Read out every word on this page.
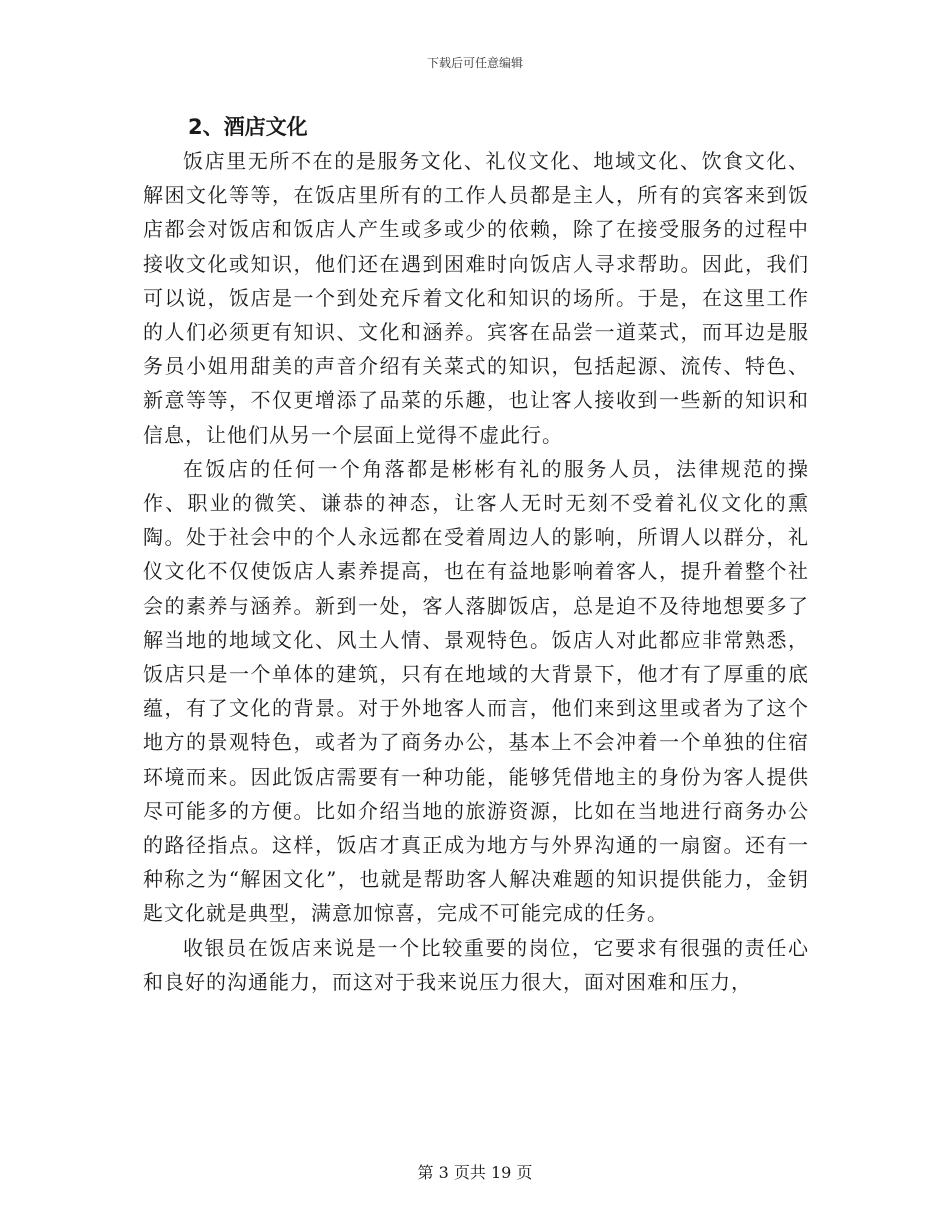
下载后可任意编辑
2、酒店文化

饭店里无所不在的是服务文化、礼仪文化、地域文化、饮食文化、解困文化等等，在饭店里所有的工作人员都是主人，所有的宾客来到饭店都会对饭店和饭店人产生或多或少的依赖，除了在接受服务的过程中接收文化或知识，他们还在遇到困难时向饭店人寻求帮助。因此，我们可以说，饭店是一个到处充斥着文化和知识的场所。于是，在这里工作的人们必须更有知识、文化和涵养。宾客在品尝一道菜式，而耳边是服务员小姐用甜美的声音介绍有关菜式的知识，包括起源、流传、特色、新意等等，不仅更增添了品菜的乐趣，也让客人接收到一些新的知识和信息，让他们从另一个层面上觉得不虚此行。

在饭店的任何一个角落都是彬彬有礼的服务人员，法律规范的操作、职业的微笑、谦恭的神态，让客人无时无刻不受着礼仪文化的熏陶。处于社会中的个人永远都在受着周边人的影响，所谓人以群分，礼仪文化不仅使饭店人素养提高，也在有益地影响着客人，提升着整个社会的素养与涵养。新到一处，客人落脚饭店，总是迫不及待地想要多了解当地的地域文化、风土人情、景观特色。饭店人对此都应非常熟悉，饭店只是一个单体的建筑，只有在地域的大背景下，他才有了厚重的底蕴，有了文化的背景。对于外地客人而言，他们来到这里或者为了这个地方的景观特色，或者为了商务办公，基本上不会冲着一个单独的住宿环境而来。因此饭店需要有一种功能，能够凭借地主的身份为客人提供尽可能多的方便。比如介绍当地的旅游资源，比如在当地进行商务办公的路径指点。这样，饭店才真正成为地方与外界沟通的一扇窗。还有一种称之为“解困文化”，也就是帮助客人解决难题的知识提供能力，金钥匙文化就是典型，满意加惊喜，完成不可能完成的任务。

收银员在饭店来说是一个比较重要的岗位，它要求有很强的责任心和良好的沟通能力，而这对于我来说压力很大，面对困难和压力，

第 3 页共 19 页
